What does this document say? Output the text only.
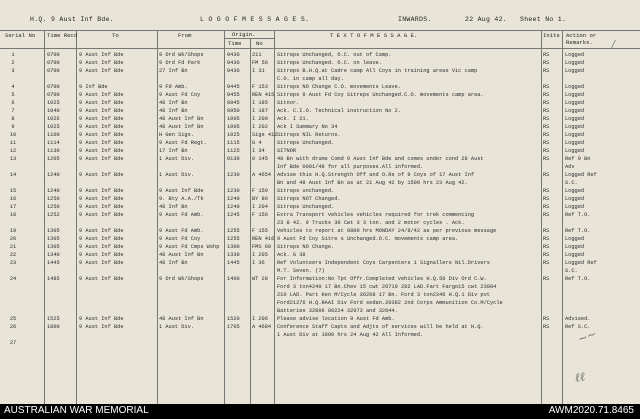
H.Q. 9 Aust Inf Bde.	L O G O F M E S S A G E S.	INWARDS.	22 Aug 42. Sheet No 1.
Serial No Time Recd	To	From	Origin.
Time	No
T E X T O F M E S S A G E.	Inits Action or Remarks.
1	0700	9 Aust Inf Bde	9 Ord Wk/Shops	0430	211	Sitreps Unchanged, O.C. out of Camp.	RS	Logged
2	0700	9 Aust Inf Bde	9 Ord Fd Park	0430	FM 56	Sitreps Unchanged. O.C. on leave.	RS	Logged
3	0700	9 Aust Inf Bde	27 Inf Bn	0430	I 31	Sitreps B.H.Q.at Cadre camp All Coys in training areas Vic camp	RS	Logged
C.O. in camp all day.
4	0700	9 Inf Bde	9 Fd Amb.	0445	F 153	Sitreps NO Change C.O. movements Leave.	RS	Logged
5	0700	9 Aust Inf Bde	9 Aust Fd Coy	0455	REN 415 Sitreps 9 Aust Fd Coy Sitreps Unchanged.C.O. movements camp area.	RS	Logged
6	1025	9 Aust Inf Bde	48 Inf Bn	0945	I 185	Sitnor.	RS	Logged
7	1040	9 Aust Inf Bde	48 Inf Bn	0950	I 187	Ack. C.I.O. Technical instruction No 2.	RS	Logged
8	1026	9 Aust Inf Bde	48 Aust Inf Bn	1005	I 200	Ack. I 21.	RS	Logged
9	1025	9 Aust Inf Bde	48 Aust Inf Bn	1005	I 202	Ack I Summary No 34	RS	Logged
10	1100	9 Aust Inf Bde	H Gen Sigs.	1025	Sigs 412 Sitreps NIL Returns.	RS	Logged
11	1114	9 Aust Inf Bde	9 Aust Fd Regt.	1115	G 4	Sitreps Unchanged.	RS	Logged
12	1130	9 Aust Inf Bde	17 Inf Bn	1125	I 34	SITNOR	RS	Logged
13	1205	9 Aust Inf Bde	1 Aust Div.	0130	0 145	48 Bn with drums Comd 9 Aust Inf Bde and comes under cond 28 Aust	RS	Ref 9 Bn
Inf Bde 0001/48 for all purposes.All informed.	Adv
14	1240	9 Aust Inf Bde	1 Aust Div.	1230	A 4654	Advise this H.Q.Strength Off and O.Rs of 9 Coys of 17 Aust Inf	RS	Logged Ref
Bn and 48 Aust Inf Bn as at 21 Aug 42 by 1500 hrs 23 Aug 42.	S.C.
15	1240	9 Aust Inf Bde	9 Aust Inf Bde	1230	F 159	Sitreps unchanged.	RS	Logged
16	1250	9 Aust Inf Bde	9. Bty A.A./Tk	1240	BY 86	Sitreps NOT Changed.	RS	Logged
17	1250	9 Aust Inf Bde	48 Inf Bn	1240	I 204	Sitreps Unchanged.	RS	Logged
18	1252	9 Aust Inf Bde	9 Aust Fd Amb.	1245	F 156	Extra Transport vehicles vehicles required for trek commencing	RS	Ref T.O.
23 8 42. 9 Trucks 30 Cwt 3 3 ton. and 2 motor cycles . Ack.
19	1305	9 Aust Inf Bde	9 Aust Fd Amb.	1255	F 155	Vehicles to report at 0800 hrs MONDAY 24/8/42 as per previous message	RS	Ref T.O.
20	1305	9 Aust Inf Bde	9 Aust Fd Coy	1255	REN 416 9 Aust Fd Coy Sitre s Unchanged.O.C. movements camp area.	RS	Logged
21	1305	9 Aust Inf Bde	9 Aust Fd Cmps Wshp	1300	FMS 60	Sitreps NO Change.	RS	Logged
22	1340	9 Aust Inf Bde	48 Aust Inf Bn	1330	I 205	Ack. G 38	RS	Logged
23	1445	9 Aust Inf Bde	48 Inf Bn	1445	I 36	Ref Volunteers Independent Coys Carpenters 1 Signallers Nil.Drivers	RS	Logged Ref
M.T. Seven. (7)	S.C.
24	1485	9 Aust Inf Bde	9 Ord Wk/Shops	1400	WT 28	For Information:No Tpt Offr.Completed vehicles H.Q.50 Div Ord C.W.	RS	Ref T.O.
Ford 3 ton4240 17 Bn.Chev 15 cwt 26719 282 LAD.Fart Fargo15 cwt 23084
210 LAD. Part Ken M/Cycle 36268 17 Bn. Ford 3 ton2346 H.Q.1 Div pvt
Ford21276 H.Q.RAAI Div Ford sedan.20382 2nd Corps Ammunition Co.M/Cycle
Batteries 32806 80224 32973 and 32644.
25	1525	9 Aust Inf Bde	48 Aust Inf Bn	1520	I 206	Please advise location 9 Aust Fd Amb.	RS	Advised.
26	1800	9 Aust Inf Bde	1 Aust Div.	1705	A 4684	Conference Staff Capts and Adjts of services will be held at H.Q.	RS	Ref S.C.
1 Aust Div at 1800 hrs 24 Aug 42 All Informed.
27
/
~~
ℓℓ
AUSTRALIAN WAR MEMORIAL	AWM2020.71.8465
